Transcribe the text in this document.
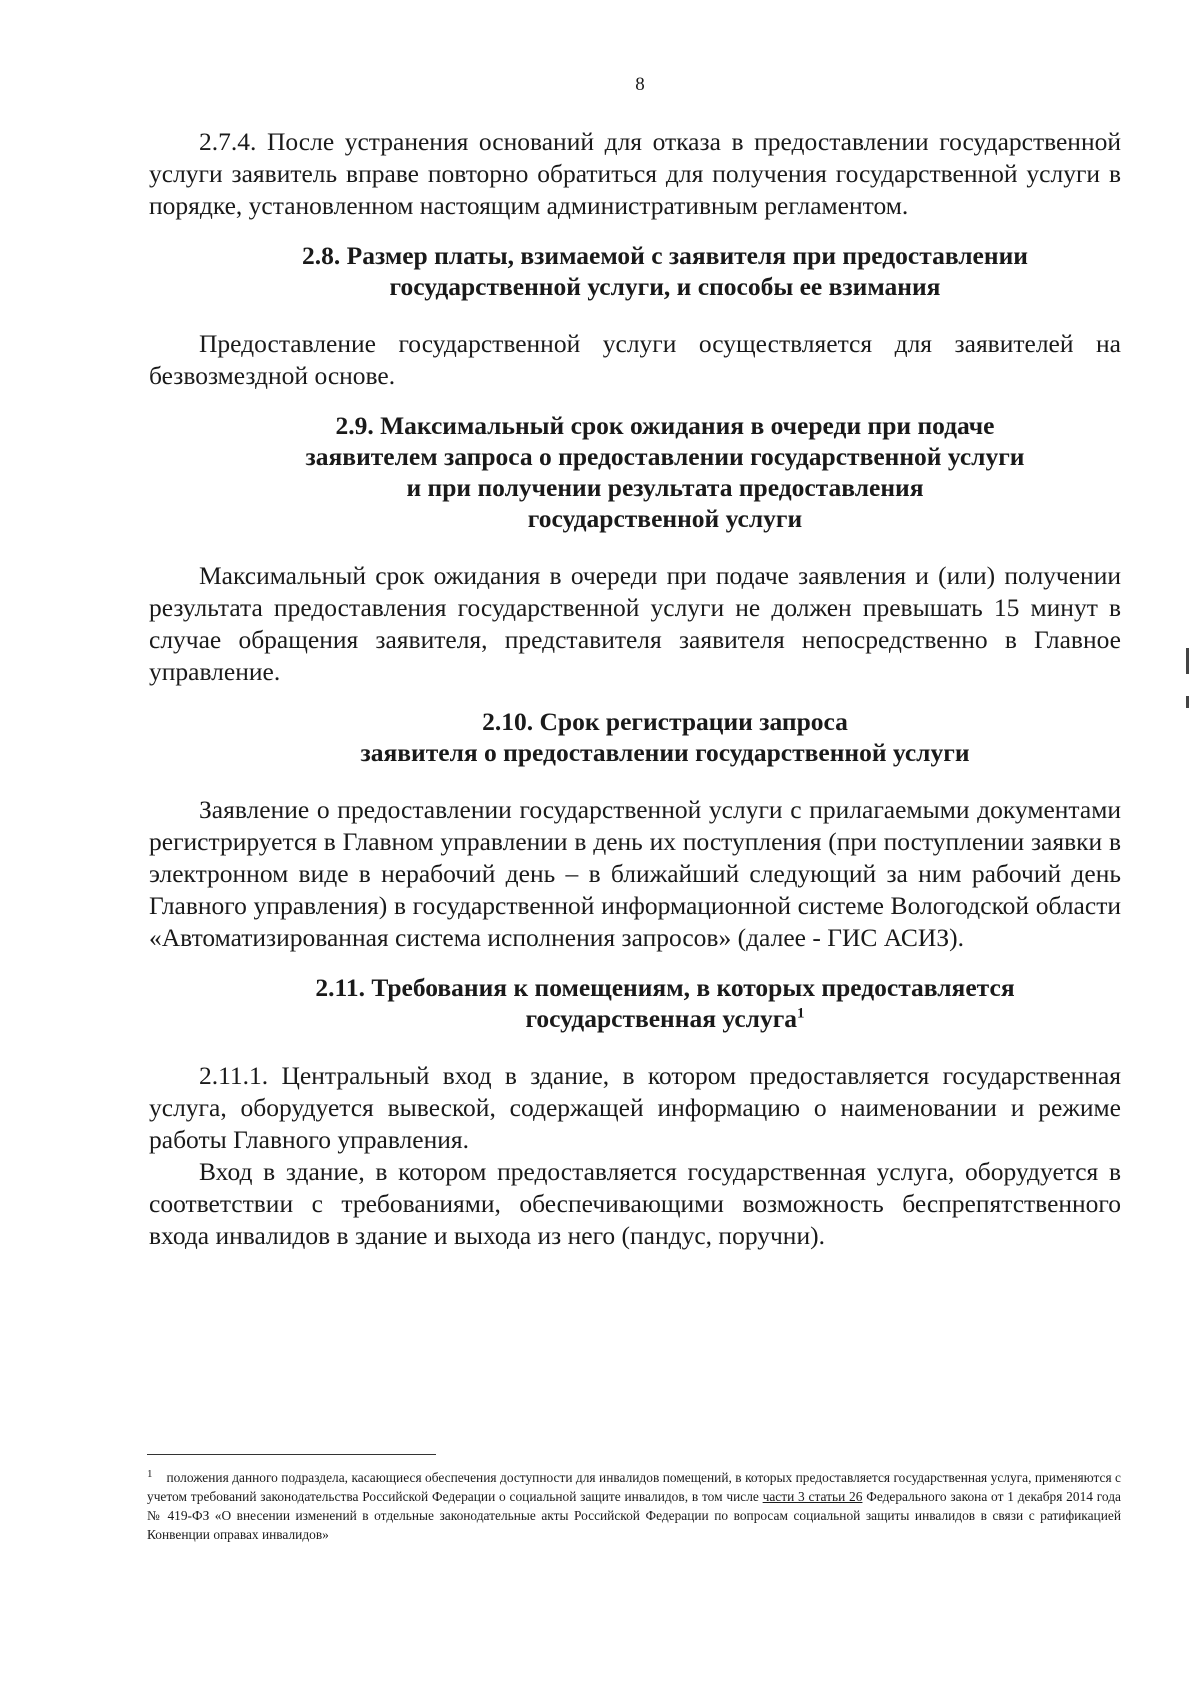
8

2.7.4. После устранения оснований для отказа в предоставлении государственной услуги заявитель вправе повторно обратиться для получения государственной услуги в порядке, установленном настоящим административным регламентом.

2.8. Размер платы, взимаемой с заявителя при предоставлении
государственной услуги, и способы ее взимания

Предоставление государственной услуги осуществляется для заявителей на безвозмездной основе.

2.9. Максимальный срок ожидания в очереди при подаче
заявителем запроса о предоставлении государственной услуги
и при получении результата предоставления
государственной услуги

Максимальный срок ожидания в очереди при подаче заявления и (или) получении результата предоставления государственной услуги не должен превышать 15 минут в случае обращения заявителя, представителя заявителя непосредственно в Главное управление.

2.10. Срок регистрации запроса
заявителя о предоставлении государственной услуги

Заявление о предоставлении государственной услуги с прилагаемыми документами регистрируется в Главном управлении в день их поступления (при поступлении заявки в электронном виде в нерабочий день – в ближайший следующий за ним рабочий день Главного управления) в государственной информационной системе Вологодской области «Автоматизированная система исполнения запросов» (далее - ГИС АСИЗ).

2.11. Требования к помещениям, в которых предоставляется
государственная услуга$^1$

2.11.1. Центральный вход в здание, в котором предоставляется государственная услуга, оборудуется вывеской, содержащей информацию о наименовании и режиме работы Главного управления.

Вход в здание, в котором предоставляется государственная услуга, оборудуется в соответствии с требованиями, обеспечивающими возможность беспрепятственного входа инвалидов в здание и выхода из него (пандус, поручни).

$^1$ положения данного подраздела, касающиеся обеспечения доступности для инвалидов помещений, в которых предоставляется государственная услуга, применяются с учетом требований законодательства Российской Федерации о социальной защите инвалидов, в том числе части 3 статьи 26 Федерального закона от 1 декабря 2014 года № 419-ФЗ «О внесении изменений в отдельные законодательные акты Российской Федерации по вопросам социальной защиты инвалидов в связи с ратификацией Конвенции оправах инвалидов»
